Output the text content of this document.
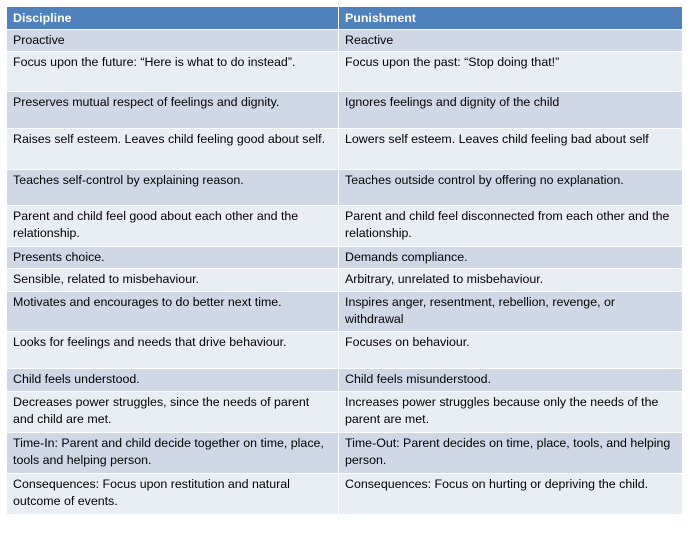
Discipline	Punishment
Proactive	Reactive
Focus upon the future: “Here is what to do instead”.	Focus upon the past: “Stop doing that!”
Preserves mutual respect of feelings and dignity.	Ignores feelings and dignity of the child
Raises self esteem. Leaves child feeling good about self.	Lowers self esteem. Leaves child feeling bad about self
Teaches self-control by explaining reason.	Teaches outside control by offering no explanation.
Parent and child feel good about each other and the relationship.	Parent and child feel disconnected from each other and the relationship.
Presents choice.	Demands compliance.
Sensible, related to misbehaviour.	Arbitrary, unrelated to misbehaviour.
Motivates and encourages to do better next time.	Inspires anger, resentment, rebellion, revenge, or withdrawal
Looks for feelings and needs that drive behaviour.	Focuses on behaviour.
Child feels understood.	Child feels misunderstood.
Decreases power struggles, since the needs of parent and child are met.	Increases power struggles because only the needs of the parent are met.
Time-In: Parent and child decide together on time, place, tools and helping person.	Time-Out: Parent decides on time, place, tools, and helping person.
Consequences: Focus upon restitution and natural outcome of events.	Consequences: Focus on hurting or depriving the child.
